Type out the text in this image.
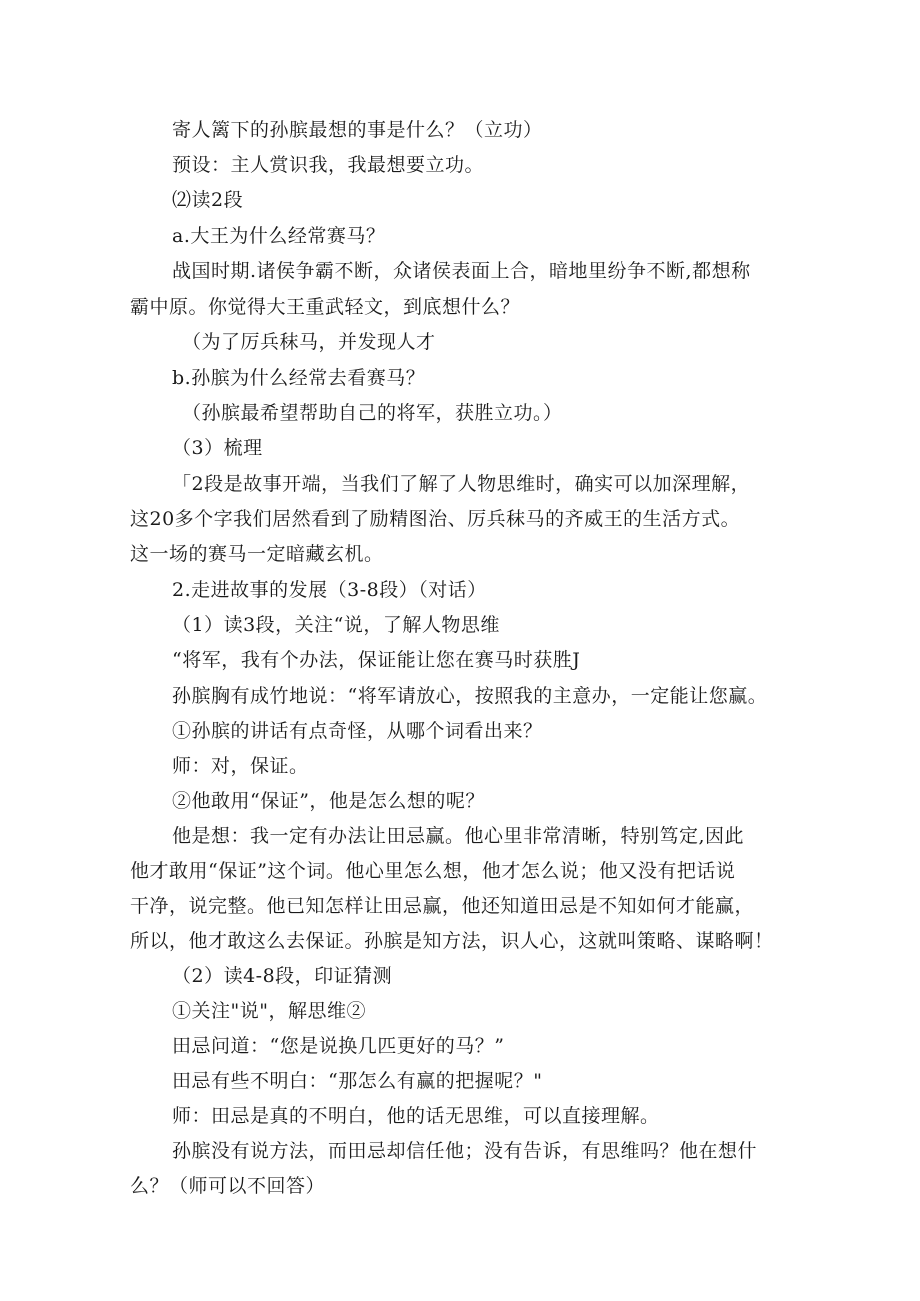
寄人篱下的孙膑最想的事是什么？（立功）
预设：主人赏识我，我最想要立功。
⑵读2段
a.大王为什么经常赛马？
战国时期.诸侯争霸不断，众诸侯表面上合，暗地里纷争不断,都想称
霸中原。你觉得大王重武轻文，到底想什么？
（为了厉兵秣马，并发现人才
b.孙膑为什么经常去看赛马？
（孙膑最希望帮助自己的将军，获胜立功。）
（3）梳理
「2段是故事开端，当我们了解了人物思维时，确实可以加深理解，
这20多个字我们居然看到了励精图治、厉兵秣马的齐威王的生活方式。
这一场的赛马一定暗藏玄机。
2.走进故事的发展（3-8段）（对话）
（1）读3段，关注“说，了解人物思维
“将军，我有个办法，保证能让您在赛马时获胜J
孙膑胸有成竹地说：“将军请放心，按照我的主意办，一定能让您赢。
①孙膑的讲话有点奇怪，从哪个词看出来？
师：对，保证。
②他敢用“保证”，他是怎么想的呢？
他是想：我一定有办法让田忌赢。他心里非常清晰，特别笃定,因此
他才敢用“保证”这个词。他心里怎么想，他才怎么说；他又没有把话说
干净，说完整。他已知怎样让田忌赢，他还知道田忌是不知如何才能赢，
所以，他才敢这么去保证。孙膑是知方法，识人心，这就叫策略、谋略啊！
（2）读4-8段，印证猜测
①关注"说"，解思维②
田忌问道：“您是说换几匹更好的马？”
田忌有些不明白：“那怎么有赢的把握呢？"
师：田忌是真的不明白，他的话无思维，可以直接理解。
孙膑没有说方法，而田忌却信任他；没有告诉，有思维吗？他在想什
么？（师可以不回答）
